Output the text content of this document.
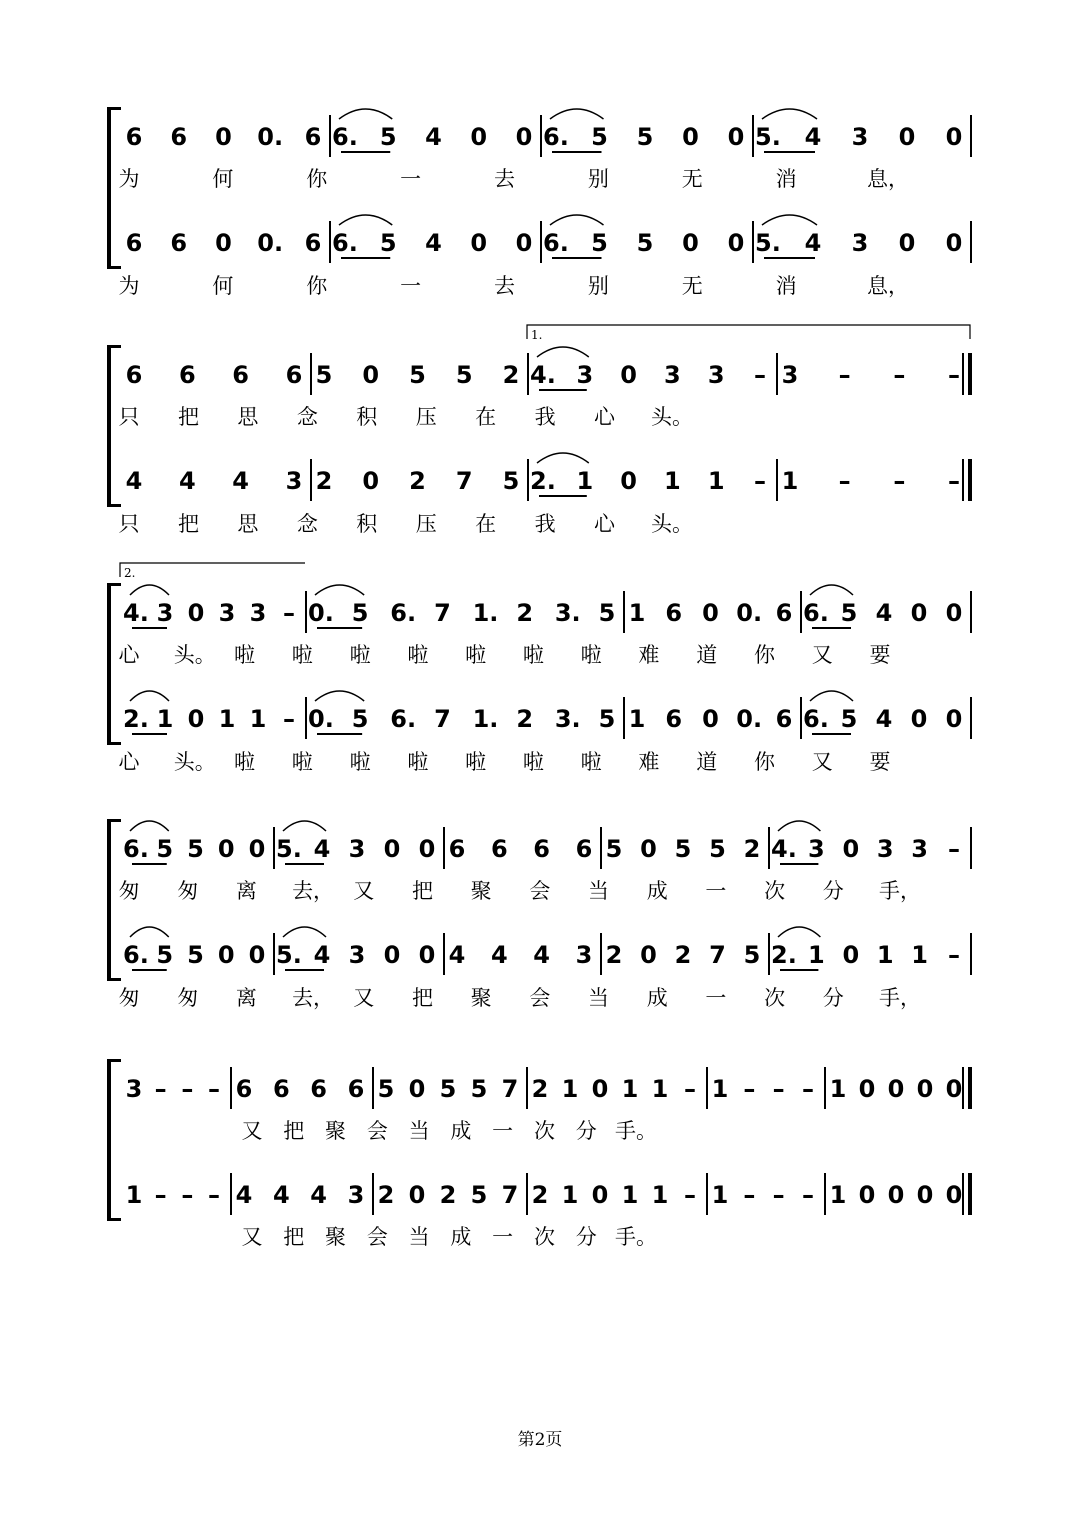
6 6 0 0. 6 6. 5 4 0 0 6. 5 5 0 0 5. 4 3 0 0
为	何	你	一	去	别	无	消	息，
6 6 0 0. 6 6. 5 4 0 0 6. 5 5 0 0 5. 4 3 0 0
为	何	你	一	去	别	无	消	息，
1.
6 6 6 6 5 0 5 5 2 4. 3 0 3 3 – 3 – – –
只 把 思 念 积 压 在 我 心 头。
4 4 4 3 2 0 2 7 5 2. 1 0 1 1 – 1 – – –
只 把 思 念 积 压 在 我 心 头。
2.
4. 3 0 3 3 – 0. 5 6. 7 1. 2 3. 5 1 6 0 0. 6 6. 5 4 0 0
心 头。 啦 啦 啦 啦 啦 啦 啦 难 道 你 又 要
2. 1 0 1 1 – 0. 5 6. 7 1. 2 3. 5 1 6 0 0. 6 6. 5 4 0 0
心 头。 啦 啦 啦 啦 啦 啦 啦 难 道 你 又 要
6. 5 5 0 0 5. 4 3 0 0 6 6 6 6 5 0 5 5 2 4. 3 0 3 3 –
匆 匆 离 去， 又 把 聚 会 当 成 一 次 分 手，
6. 5 5 0 0 5. 4 3 0 0 4 4 4 3 2 0 2 7 5 2. 1 0 1 1 –
匆 匆 离 去， 又 把 聚 会 当 成 一 次 分 手，
3 – – – 6 6 6 6 5 0 5 5 7 2 1 0 1 1 – 1 – – – 1 0 0 0 0
又 把 聚 会 当 成 一 次 分 手。
1 – – – 4 4 4 3 2 0 2 5 7 2 1 0 1 1 – 1 – – – 1 0 0 0 0
又 把 聚 会 当 成 一 次 分 手。
第2页
